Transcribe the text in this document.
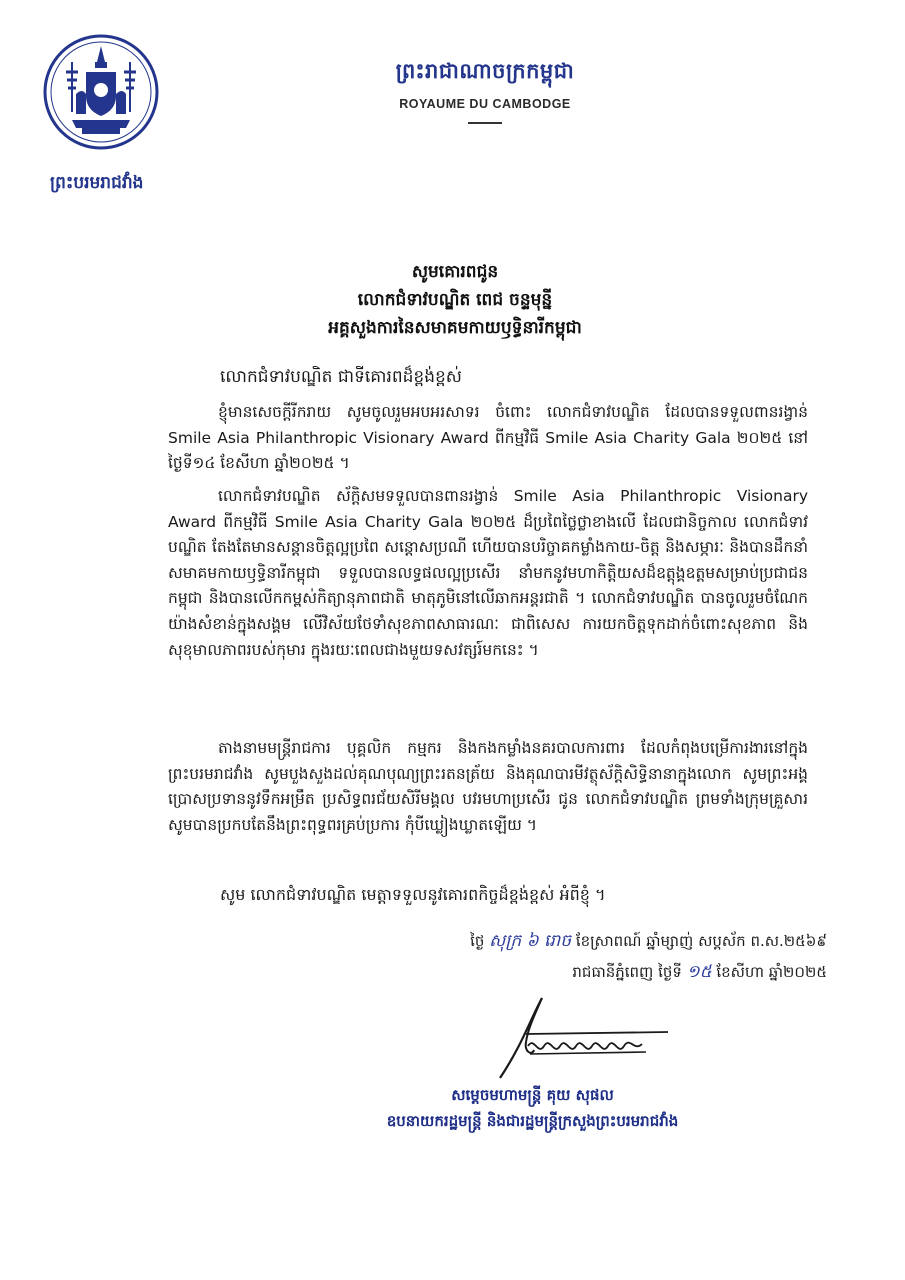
ព្រះបរមរាជវាំង
ព្រះរាជាណាចក្រកម្ពុជា
ROYAUME DU CAMBODGE
សូមគោរពជូន
លោកជំទាវបណ្ឌិត ពេជ ចន្ទមុន្នី
អគ្គសួងការនៃសមាគមកាយឫទ្ធិនារីកម្ពុជា
លោកជំទាវបណ្ឌិត ជាទីគោរពដ៏ខ្ពង់ខ្ពស់
ខ្ញុំមានសេចក្តីរីករាយ សូមចូលរួមអបអរសាទរ ចំពោះ លោកជំទាវបណ្ឌិត ដែលបានទទួលពានរង្វាន់ Smile Asia Philanthropic Visionary Award ពីកម្មវិធី Smile Asia Charity Gala ២០២៥ នៅថ្ងៃទី១៤ ខែសីហា ឆ្នាំ២០២៥ ។
លោកជំទាវបណ្ឌិត ស័ក្តិសមទទួលបានពានរង្វាន់ Smile Asia Philanthropic Visionary Award ពីកម្មវិធី Smile Asia Charity Gala ២០២៥ ដ៏ប្រពៃថ្លៃថ្លាខាងលើ ដែលជានិច្ចកាល លោកជំទាវបណ្ឌិត តែងតែមានសន្តានចិត្តល្អប្រពៃ សន្តោសប្រណី ហើយបានបរិច្ចាគកម្លាំងកាយ-ចិត្ត និងសម្ភារៈ និងបានដឹកនាំសមាគមកាយឫទ្ធិនារីកម្ពុជា ទទួលបានលទ្ធផលល្អប្រសើរ នាំមកនូវមហាកិត្តិយសដ៏ឧត្តុង្គឧត្តមសម្រាប់ប្រជាជនកម្ពុជា និងបានលើកកម្ពស់កិត្យានុភាពជាតិ មាតុភូមិនៅលើឆាកអន្តរជាតិ ។ លោកជំទាវបណ្ឌិត បានចូលរួមចំណែកយ៉ាងសំខាន់ក្នុងសង្គម លើវិស័យថែទាំសុខភាពសាធារណៈ ជាពិសេស ការយកចិត្តទុកដាក់ចំពោះសុខភាព និងសុខុមាលភាពរបស់កុមារ ក្នុងរយៈពេលជាងមួយទសវត្សរ៍មកនេះ ។
តាងនាមមន្ត្រីរាជការ បុគ្គលិក កម្មករ និងកងកម្លាំងនគរបាលការពារ ដែលកំពុងបម្រើការងារនៅក្នុងព្រះបរមរាជវាំង សូមបួងសួងដល់គុណបុណ្យព្រះរតនត្រ័យ និងគុណបារមីវត្ថុស័ក្តិសិទ្ធិនានាក្នុងលោក សូមព្រះអង្គប្រោសប្រទាននូវទឹកអម្រឹត ប្រសិទ្ធពរជ័យសិរីមង្គល បវរមហាប្រសើរ ជូន លោកជំទាវបណ្ឌិត ព្រមទាំងក្រុមគ្រួសារ សូមបានប្រកបតែនឹងព្រះពុទ្ធពរគ្រប់ប្រការ កុំបីឃ្លៀងឃ្លាតឡើយ ។
សូម លោកជំទាវបណ្ឌិត មេត្តាទទួលនូវគោរពកិច្ចដ៏ខ្ពង់ខ្ពស់ អំពីខ្ញុំ ។
ថ្ងៃ សុក្រ ៦ រោច ខែស្រាពណ៍ ឆ្នាំម្សាញ់ សប្តស័ក ព.ស.២៥៦៩
រាជធានីភ្នំពេញ ថ្ងៃទី ១៥ ខែសីហា ឆ្នាំ២០២៥
សម្តេចមហាមន្ត្រី គុយ សុផល
ឧបនាយករដ្ឋមន្ត្រី និងជារដ្ឋមន្ត្រីក្រសួងព្រះបរមរាជវាំង
